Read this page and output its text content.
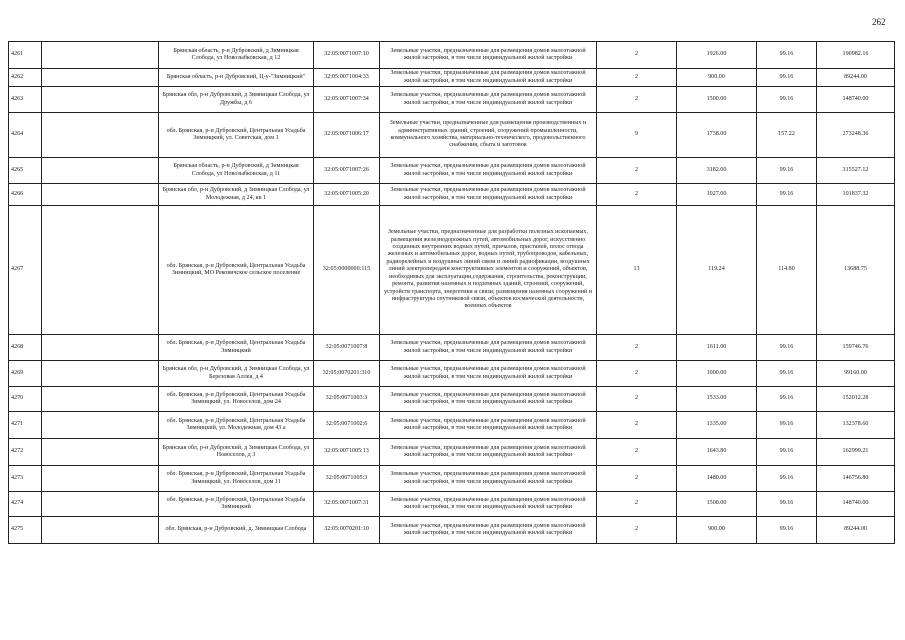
262
4261		Брянская область, р-н Дубровский, д Зимницкая Слобода, ул Новозыбковская, д 12	32:05:0071007:10	Земельные участки, предназначенные для размещения домов малоэтажной жилой застройки, в том числе индивидуальной жилой застройки	2	1926.00	99.16	190982.16
4262		Брянская область, р-н Дубровский, Ц-у-"Зимницкий"	32:05:0071004:33	Земельные участки, предназначенные для размещения домов малоэтажной жилой застройки, в том числе индивидуальной жилой застройки	2	900.00	99.16	89244.00
4263		Брянская обл, р-н Дубровский, д Зимницкая Слобода, ул Дружбы, д 6	32:05:0071007:34	Земельные участки, предназначенные для размещения домов малоэтажной жилой застройки, в том числе индивидуальной жилой застройки	2	1500.00	99.16	148740.00
4264		обл. Брянская, р-н Дубровский, Центральная Усадьба Зимницкий, ул. Советская, дом 1	32:05:0071006:17	Земельные участки, предназначенные для размещения производственных и административных зданий, строений, сооружений промышленности, коммунального хозяйства, материально-технического, продовольственного снабжения, сбыта и заготовок	9	1738.00	157.22	273248.36
4265		Брянская область, р-н Дубровский, д Зимницкая Слобода, ул Новозыбковская, д 11	32:05:0071007:26	Земельные участки, предназначенные для размещения домов малоэтажной жилой застройки, в том числе индивидуальной жилой застройки	2	3182.00	99.16	315527.12
4266		Брянская обл, р-н Дубровский, д Зимницкая Слобода, ул Молодежная, д 24, кв 1	32:05:0071005:20	Земельные участки, предназначенные для размещения домов малоэтажной жилой застройки, в том числе индивидуальной жилой застройки	2	1027.00	99.16	101837.32
4267		обл. Брянская, р-н Дубровский, Центральная Усадьба Зимницкий, МО Рековичское сельское поселение	32:05:0000000:115	Земельные участки, предназначенные для разработки полезных ископаемых, размещения железнодорожных путей, автомобильных дорог, искусственно созданных внутренних водных путей, причалов, пристаней, полос отвода железных и автомобильных дорог, водных путей, трубопроводов, кабельных, радиорелейных и воздушных линий связи и линий радиофикации, воздушных линий электропередачи конструктивных элементов и сооружений, объектов, необходимых для эксплуатации,содержания, строительства, реконструкции, ремонта, развития наземных и подземных зданий, строений, сооружений, устройств транспорта, энергетики и связи; размещения наземных сооружений и инфраструктуры спутниковой связи, объектов космической деятельности, военных объектов	13	119.24	114.80	13688.75
4268		обл. Брянская, р-н Дубровский, Центральная Усадьба Зимницкий	32:05:0071007:8	Земельные участки, предназначенные для размещения домов малоэтажной жилой застройки, в том числе индивидуальной жилой застройки	2	1611.00	99.16	159746.76
4269		Брянская обл, р-н Дубровский, д Зимницкая Слобода, ул Березовая Аллея, д 4	32:05:0070201:310	Земельные участки, предназначенные для размещения домов малоэтажной жилой застройки, в том числе индивидуальной жилой застройки	2	1000.00	99.16	99160.00
4270		обл. Брянская, р-н Дубровский, Центральная Усадьба Зимницкий, ул. Новоселов, дом 24	32:05:0071003:3	Земельные участки, предназначенные для размещения домов малоэтажной жилой застройки, в том числе индивидуальной жилой застройки	2	1533.00	99.16	152012.28
4271		обл. Брянская, р-н Дубровский, Центральная Усадьба Зимницкий, ул. Молодежная, дом 43 а	32:05:0071002:6	Земельные участки, предназначенные для размещения домов малоэтажной жилой застройки, в том числе индивидуальной жилой застройки	2	1335.00	99.16	132378.60
4272		Брянская обл, р-н Дубровский, д Зимницкая Слобода, ул Новоселов, д 3	32:05:0071005:13	Земельные участки, предназначенные для размещения домов малоэтажной жилой застройки, в том числе индивидуальной жилой застройки	2	1643.80	99.16	162999.21
4273		обл. Брянская, р-н Дубровский, Центральная Усадьба Зимницкий, ул. Новоселов, дом 11	32:05:0071005:3	Земельные участки, предназначенные для размещения домов малоэтажной жилой застройки, в том числе индивидуальной жилой застройки	2	1480.00	99.16	146756.80
4274		обл. Брянская, р-н Дубровский, Центральная Усадьба Зимницкий	32:05:0071007:31	Земельные участки, предназначенные для размещения домов малоэтажной жилой застройки, в том числе индивидуальной жилой застройки	2	1500.00	99.16	148740.00
4275		обл. Брянская, р-н Дубровский, д. Зимницкая Слобода	32:05:0070201:10	Земельные участки, предназначенные для размещения домов малоэтажной жилой застройки, в том числе индивидуальной жилой застройки	2	900.00	99.16	89244.00
